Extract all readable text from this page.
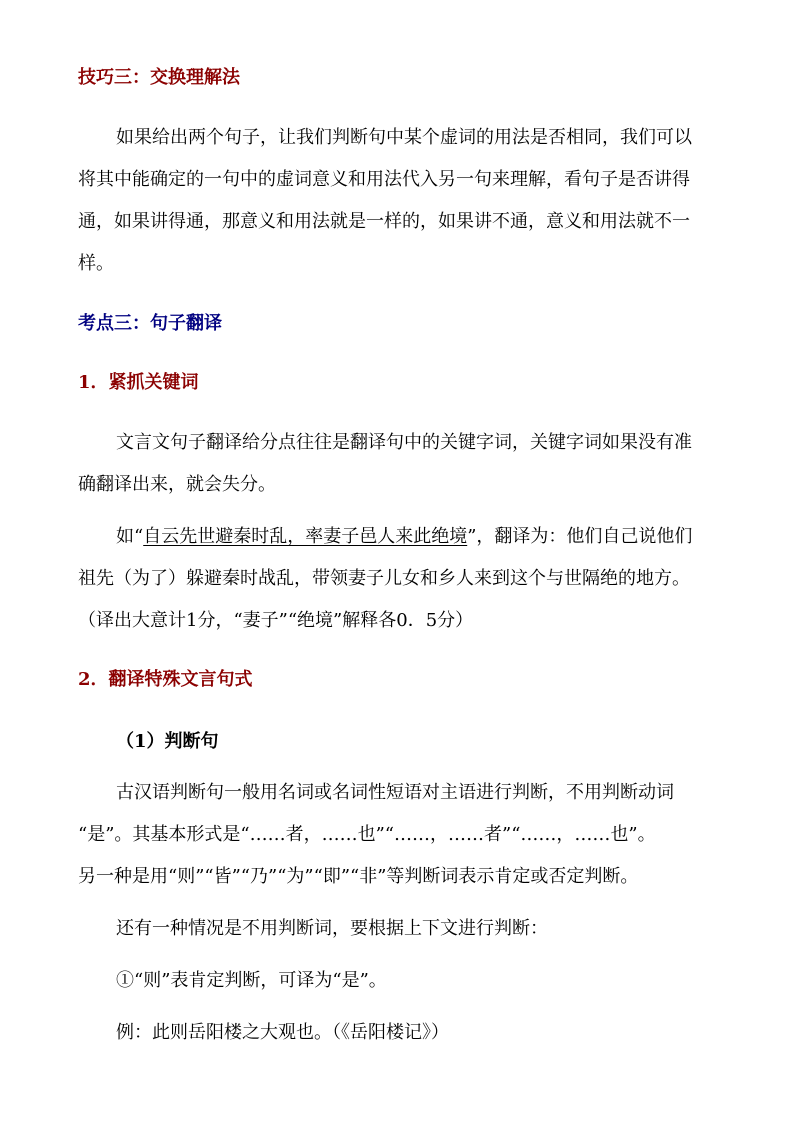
技巧三：交换理解法
如果给出两个句子，让我们判断句中某个虚词的用法是否相同，我们可以
将其中能确定的一句中的虚词意义和用法代入另一句来理解，看句子是否讲得
通，如果讲得通，那意义和用法就是一样的，如果讲不通，意义和用法就不一
样。
考点三：句子翻译
1．紧抓关键词
文言文句子翻译给分点往往是翻译句中的关键字词，关键字词如果没有准
确翻译出来，就会失分。
如“自云先世避秦时乱，率妻子邑人来此绝境”，翻译为：他们自己说他们
祖先（为了）躲避秦时战乱，带领妻子儿女和乡人来到这个与世隔绝的地方。
（译出大意计1分，“妻子”“绝境”解释各0．5分）
2．翻译特殊文言句式
（1）判断句
古汉语判断句一般用名词或名词性短语对主语进行判断，不用判断动词
“是”。其基本形式是“……者，……也”“……，……者”“……，……也”。
另一种是用“则”“皆”“乃”“为”“即”“非”等判断词表示肯定或否定判断。
还有一种情况是不用判断词，要根据上下文进行判断：
①“则”表肯定判断，可译为“是”。
例：此则岳阳楼之大观也。（《岳阳楼记》）
